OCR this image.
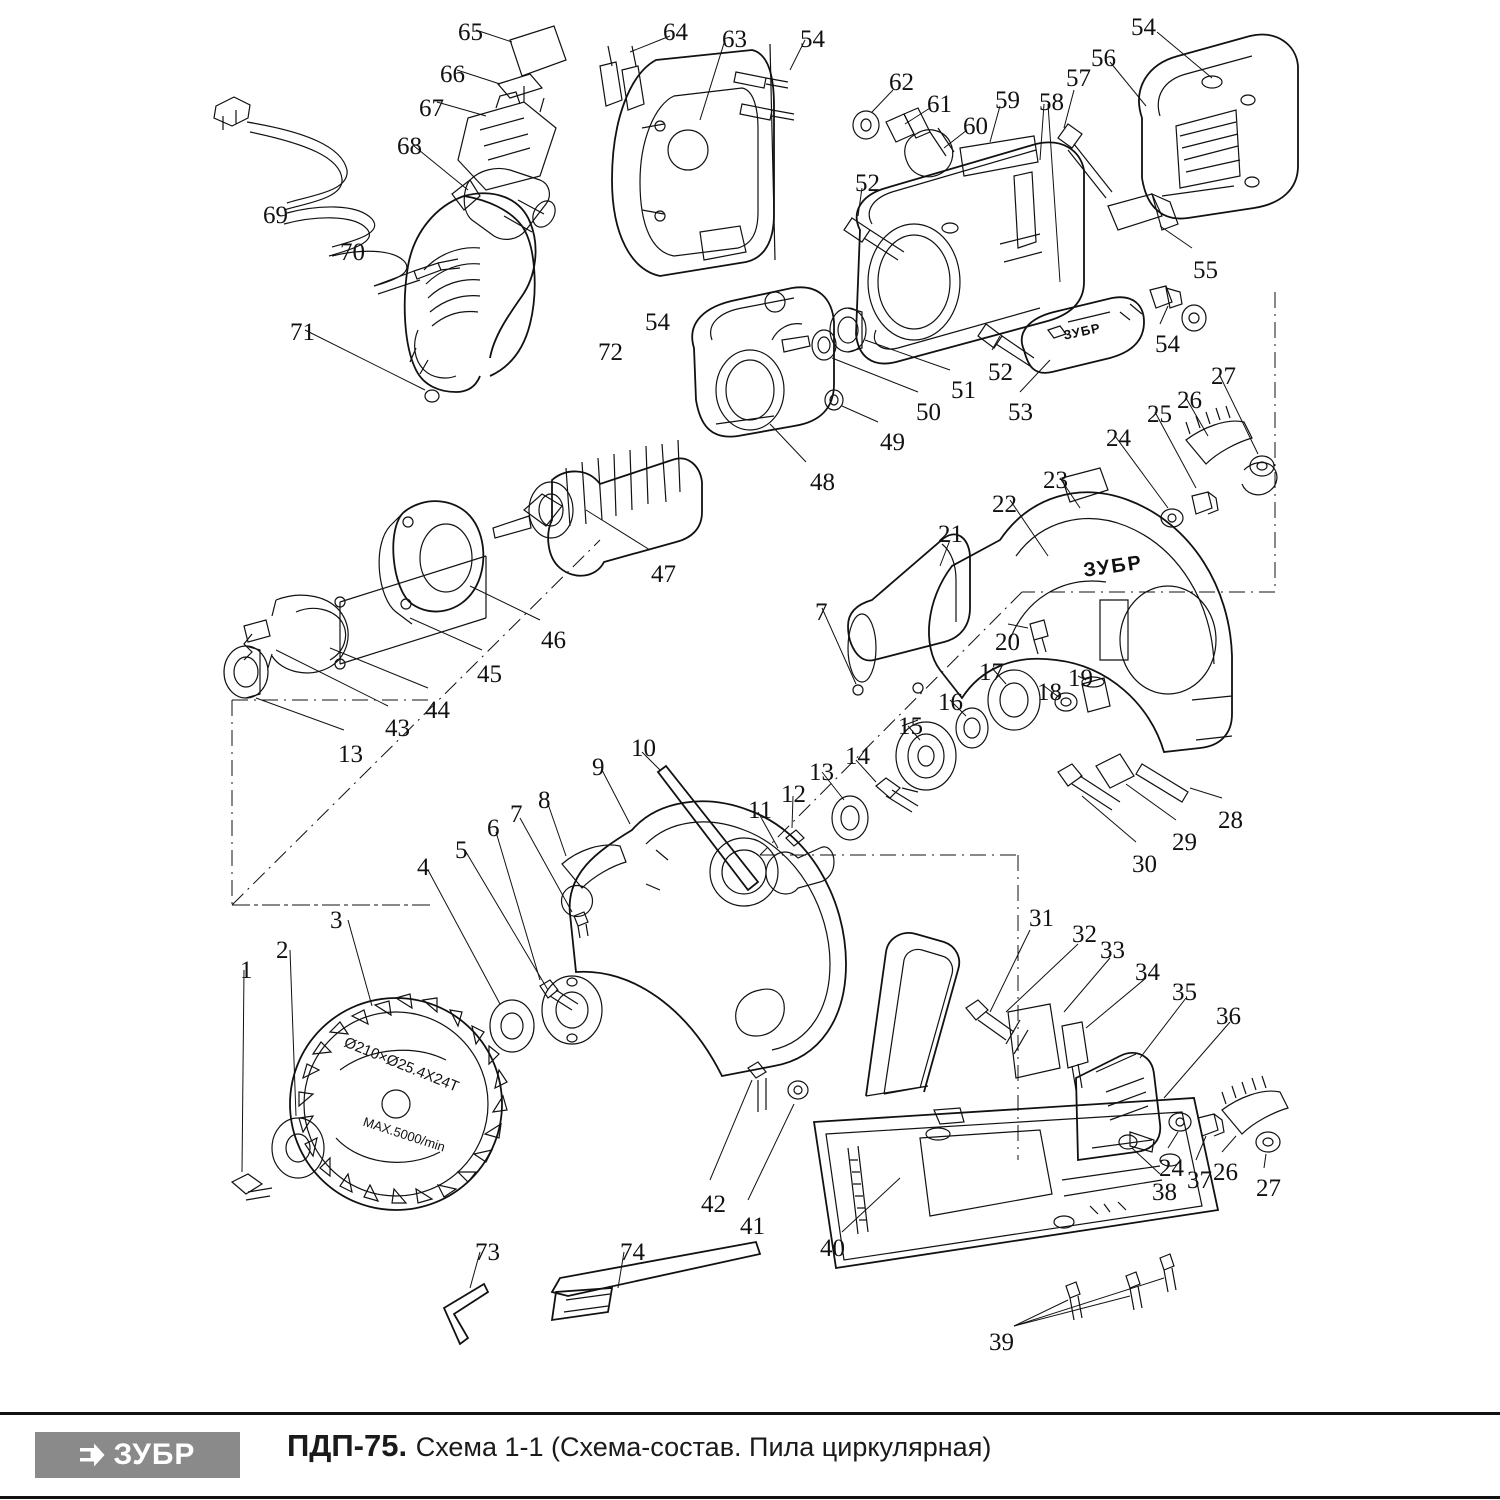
Ø210×Ø25.4X24T
MAX.5000/min
ЗУБР
ЗУБР
65	64 63 54	54
66
56
57
67
62
61 59 58
60
68
52
55
69
70
54
72
71	54
52
51
53
50
49
27
26
25
24
23
48
47
46
45
44
43
13
22
21
7
20
17
18
19
16
15
14
13
9
10
11
12
8
7
6
5
4
3
2
1
28
29
30
31
32
33
34
35
36
24 37 26
27
38
42
41
40
39
73	74
ЗУБР	ПДП-75. Схема 1-1 (Схема-состав. Пила циркулярная)
